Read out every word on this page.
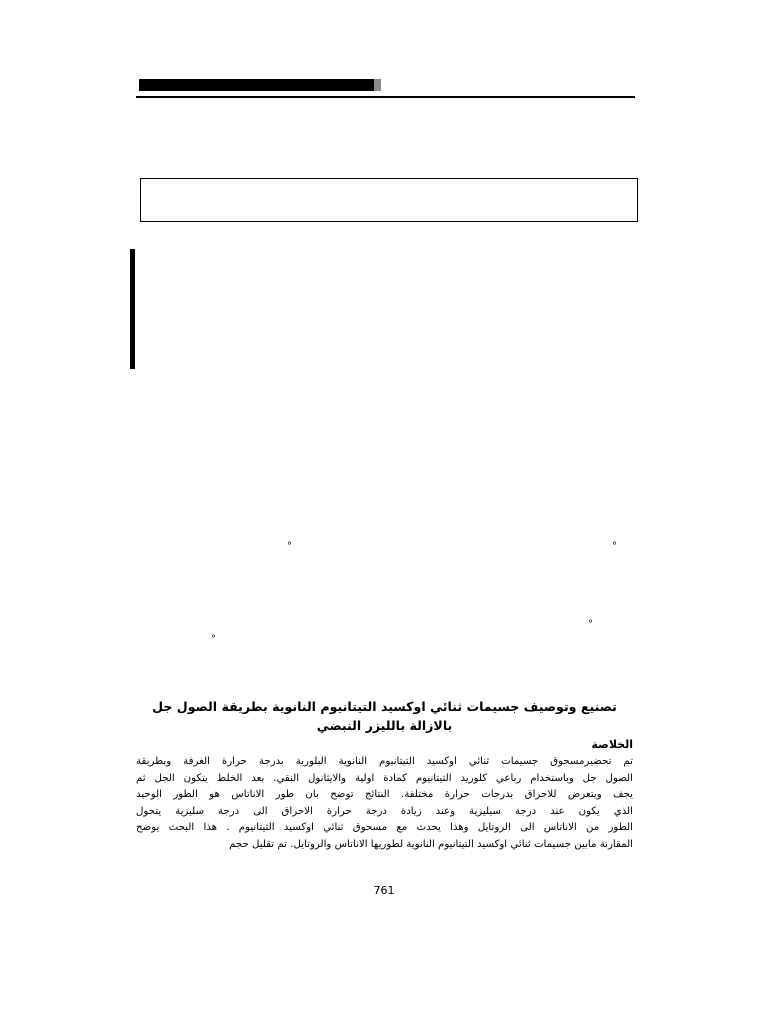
°	°
°
°
تصنيع وتوصيف جسيمات ثنائي اوكسيد التيتانيوم النانوية بطريقة الصول جل بالازالة بالليزر النبضي
الخلاصة
تم تحضيرمسحوق جسيمات ثنائي اوكسيد التيتانيوم النانوية البلورية بدرجة حرارة الغرفة وبطريقة
الصول جل وباستخدام رباعي كلوريد التيتانيوم كمادة اولية والايثانول النقي. بعد الخلط يتكون الجل ثم
يجف ويتعرض للاحراق بدرجات حرارة مختلفة. النتائج توضح بان طور الاناتاس هو الطور الوحيد
الذي يكون عند درجة سيليزية وعند زيادة درجة حرارة الاحراق الى درجة سليزية يتحول
الطور من الاناتاس الى الروتايل وهذا يحدث مع مسحوق ثنائي اوكسيد التيتانيوم . هذا البحث يوضح
المقارنة مابين جسيمات ثنائي اوكسيد التيتانيوم النانوية لطوريها الاناتاس والروتايل. تم تقليل حجم
761
